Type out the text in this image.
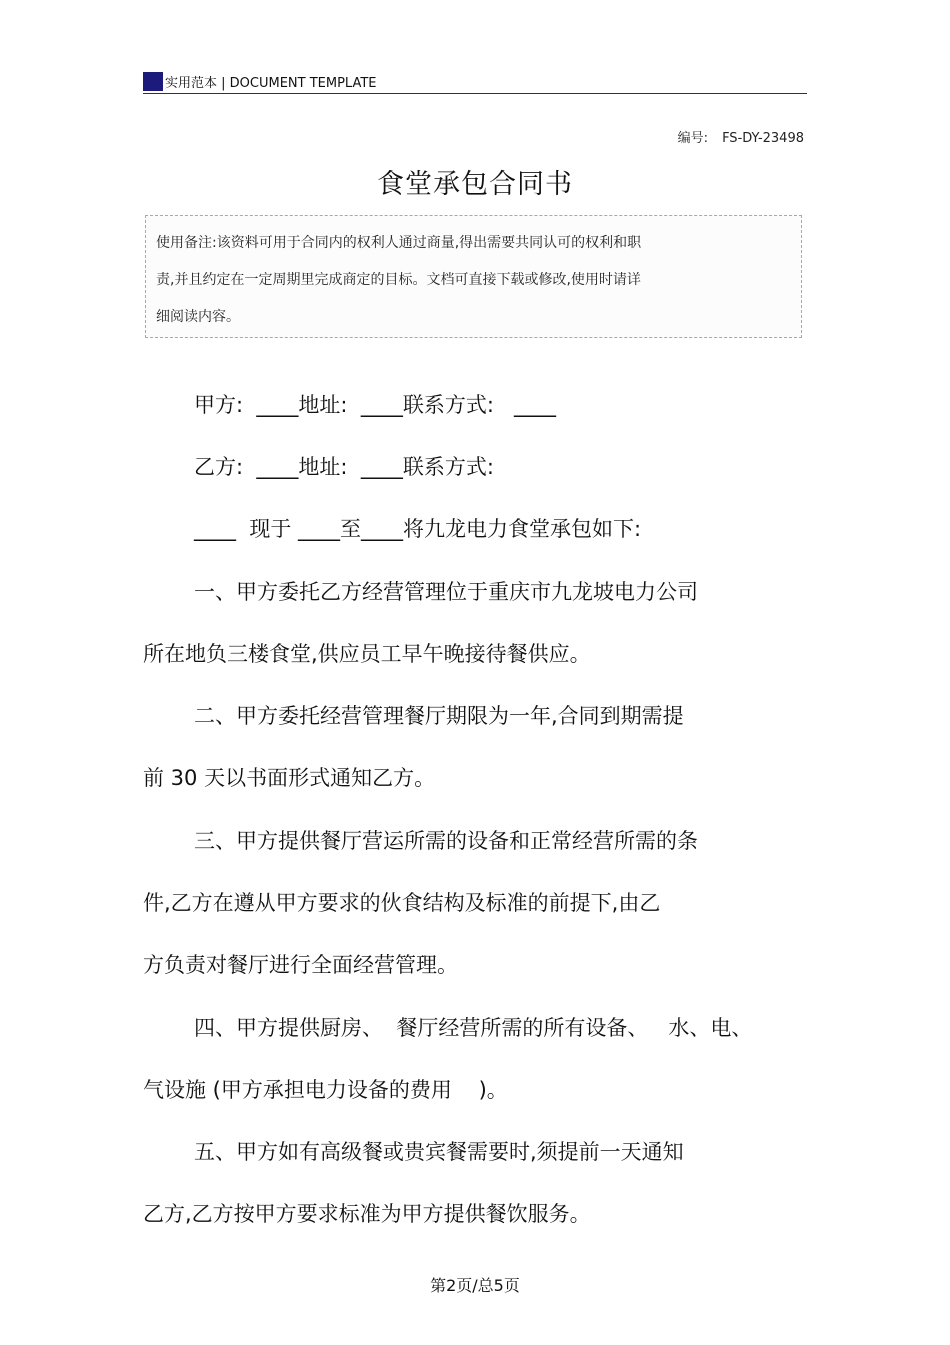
实用范本 | DOCUMENT TEMPLATE
编号: FS-DY-23498
食堂承包合同书
使用备注:该资料可用于合同内的权利人通过商量,得出需要共同认可的权利和职
责,并且约定在一定周期里完成商定的目标。文档可直接下载或修改,使用时请详
细阅读内容。
甲方:  ____地址:  ____联系方式:   ____
乙方:  ____地址:  ____联系方式:
____  现于 ____至____将九龙电力食堂承包如下:
一、甲方委托乙方经营管理位于重庆市九龙坡电力公司
所在地负三楼食堂,供应员工早午晚接待餐供应。
二、甲方委托经营管理餐厅期限为一年,合同到期需提
前 30 天以书面形式通知乙方。
三、甲方提供餐厅营运所需的设备和正常经营所需的条
件,乙方在遵从甲方要求的伙食结构及标准的前提下,由乙
方负责对餐厅进行全面经营管理。
四、甲方提供厨房、  餐厅经营所需的所有设备、   水、电、
气设施 (甲方承担电力设备的费用    )。
五、甲方如有高级餐或贵宾餐需要时,须提前一天通知
乙方,乙方按甲方要求标准为甲方提供餐饮服务。
第2页/总5页
